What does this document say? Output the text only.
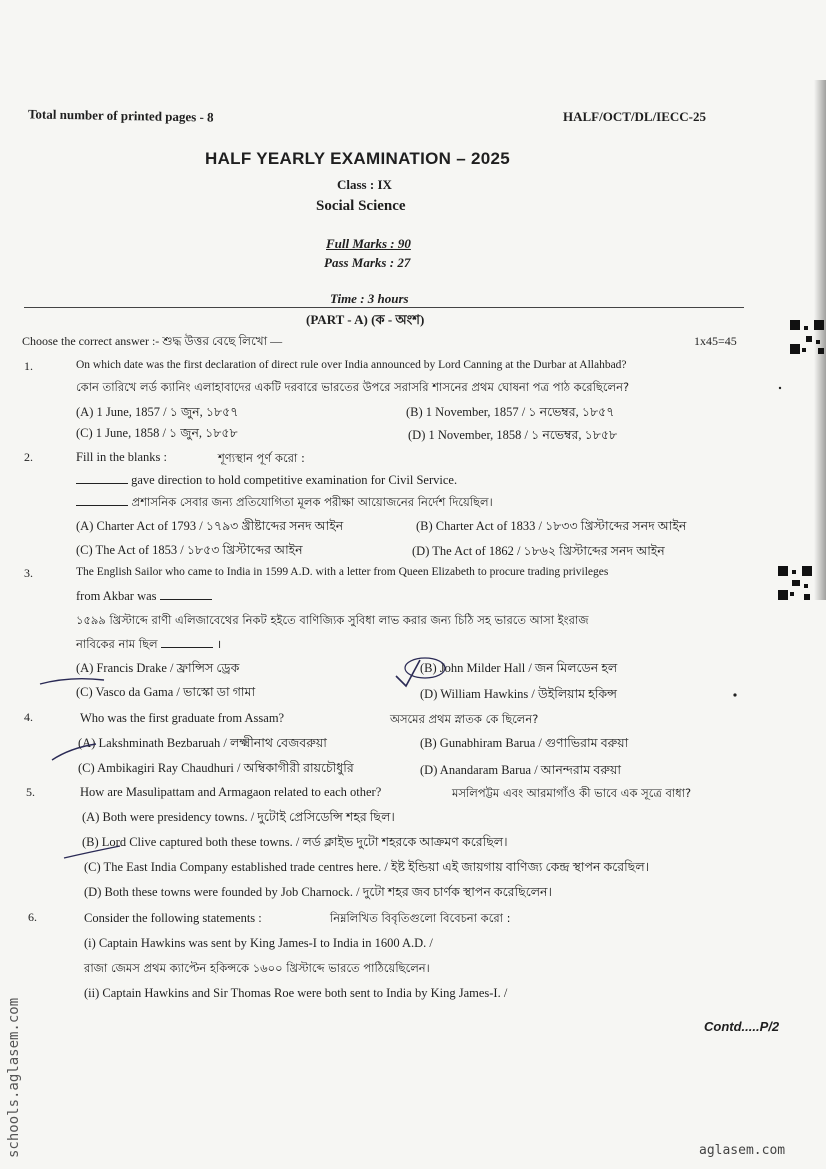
Total number of printed pages - 8	HALF/OCT/DL/IECC-25
HALF YEARLY EXAMINATION – 2025
Class : IX
Social Science
Full Marks : 90
Pass Marks : 27
Time : 3 hours
(PART - A) (ক - অংশ)
Choose the correct answer :- শুদ্ধ উত্তর বেছে লিখো —	1x45=45
1.	On which date was the first declaration of direct rule over India announced by Lord Canning at the Durbar at Allahbad?
কোন তারিখে লর্ড ক্যানিং এলাহাবাদের একটি দরবারে ভারতের উপরে সরাসরি শাসনের প্রথম ঘোষনা পত্র পাঠ করেছিলেন?
(A) 1 June, 1857 / ১ জুন, ১৮৫৭	(B) 1 November, 1857 / ১ নভেম্বর, ১৮৫৭
(C) 1 June, 1858 / ১ জুন, ১৮৫৮	(D) 1 November, 1858 / ১ নভেম্বর, ১৮৫৮
2.	Fill in the blanks :	শূণ্যস্থান পূর্ণ করো :
gave direction to hold competitive examination for Civil Service.
প্রশাসনিক সেবার জন্য প্রতিযোগিতা মূলক পরীক্ষা আয়োজনের নির্দেশ দিয়েছিল।
(A) Charter Act of 1793 / ১৭৯৩ খ্রীষ্টাব্দের সনদ আইন	(B) Charter Act of 1833 / ১৮৩৩ খ্রিস্টাব্দের সনদ আইন
(C) The Act of 1853 / ১৮৫৩ খ্রিস্টাব্দের আইন	(D) The Act of 1862 / ১৮৬২ খ্রিস্টাব্দের সনদ আইন
3.	The English Sailor who came to India in 1599 A.D. with a letter from Queen Elizabeth to procure trading privileges
from Akbar was
১৫৯৯ খ্রিস্টাব্দে রাণী এলিজাবেথের নিকট হইতে বাণিজ্যিক সুবিধা লাভ করার জন্য চিঠি সহ ভারতে আসা ইংরাজ
নাবিকের নাম ছিল	।
(A) Francis Drake / ফ্রান্সিস ড্রেক	(B) John Milder Hall / জন মিলডেন হল
(C) Vasco da Gama / ভাস্কো ডা গামা	(D) William Hawkins / উইলিয়াম হকিন্স
4.	Who was the first graduate from Assam?	অসমের প্রথম স্নাতক কে ছিলেন?
(A) Lakshminath Bezbaruah / লক্ষ্মীনাথ বেজবরুয়া	(B) Gunabhiram Barua / গুণাভিরাম বরুয়া
(C) Ambikagiri Ray Chaudhuri / অম্বিকাগীরী রায়চৌধুরি	(D) Anandaram Barua / আনন্দরাম বরুয়া
5.	How are Masulipattam and Armagaon related to each other?	মসলিপট্টম এবং আরমাগাঁও কী ভাবে এক সূত্রে বাধা?
(A) Both were presidency towns. / দুটোই প্রেসিডেন্সি শহর ছিল।
(B) Lord Clive captured both these towns. / লর্ড ক্লাইভ দুটো শহরকে আক্রমণ করেছিল।
(C) The East India Company established trade centres here. / ইষ্ট ইন্ডিয়া এই জায়গায় বাণিজ্য কেন্দ্র স্থাপন করেছিল।
(D) Both these towns were founded by Job Charnock. / দুটো শহর জব চার্ণক স্থাপন করেছিলেন।
6.	Consider the following statements :	নিম্নলিখিত বিবৃতিগুলো বিবেচনা করো :
(i) Captain Hawkins was sent by King James-I to India in 1600 A.D. /
রাজা জেমস প্রথম ক্যাপ্টেন হকিন্সকে ১৬০০ খ্রিস্টাব্দে ভারতে পাঠিয়েছিলেন।
(ii) Captain Hawkins and Sir Thomas Roe were both sent to India by King James-I. /
Contd.....P/2
schools.aglasem.com	aglasem.com
